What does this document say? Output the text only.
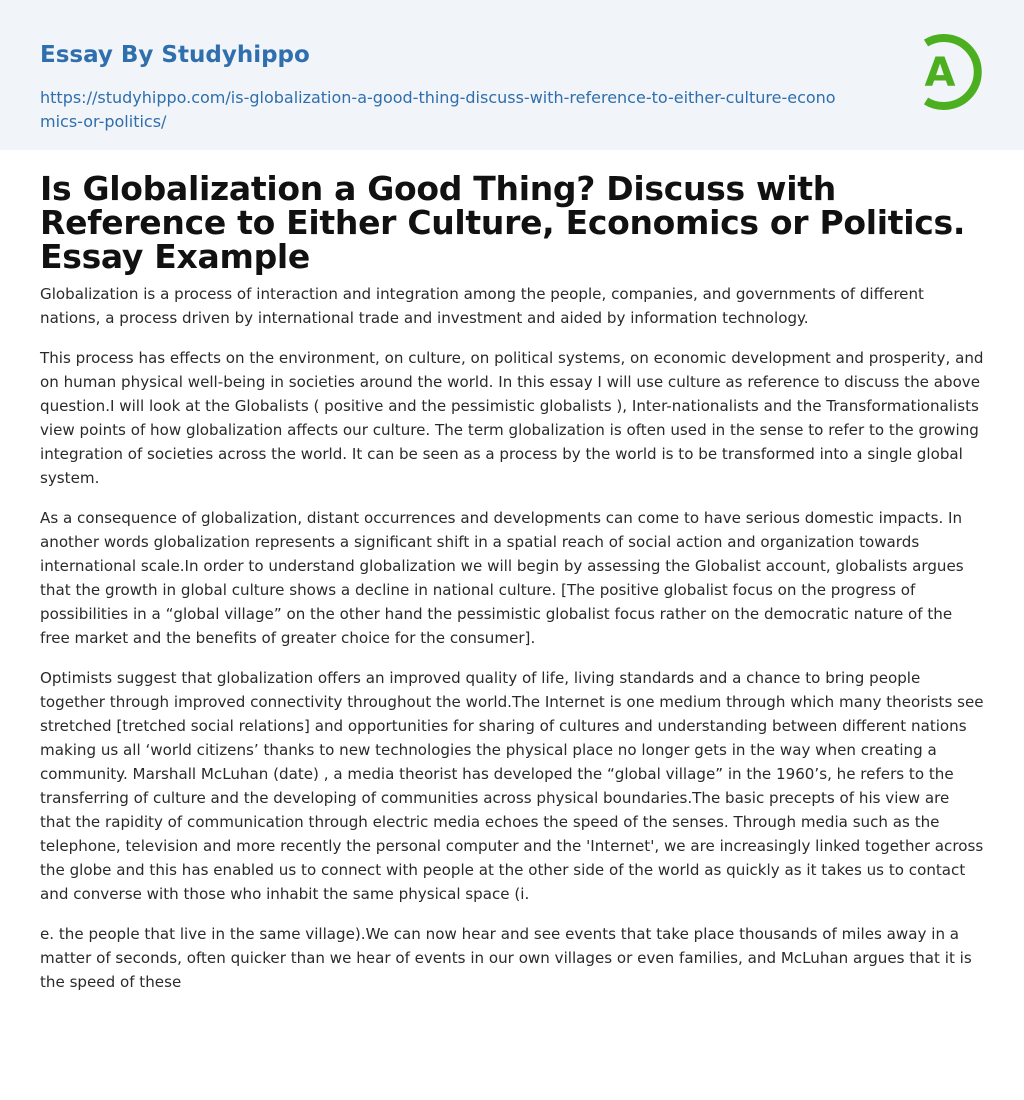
Essay By Studyhippo
https://studyhippo.com/is-globalization-a-good-thing-discuss-with-reference-to-either-culture-economics-or-politics/
A
Is Globalization a Good Thing? Discuss with Reference to Either Culture, Economics or Politics. Essay Example

Globalization is a process of interaction and integration among the people, companies, and governments of different nations, a process driven by international trade and investment and aided by information technology.

This process has effects on the environment, on culture, on political systems, on economic development and prosperity, and on human physical well-being in societies around the world. In this essay I will use culture as reference to discuss the above question.I will look at the Globalists ( positive and the pessimistic globalists ), Inter-nationalists and the Transformationalists view points of how globalization affects our culture. The term globalization is often used in the sense to refer to the growing integration of societies across the world. It can be seen as a process by the world is to be transformed into a single global system.

As a consequence of globalization, distant occurrences and developments can come to have serious domestic impacts. In another words globalization represents a significant shift in a spatial reach of social action and organization towards international scale.In order to understand globalization we will begin by assessing the Globalist account, globalists argues that the growth in global culture shows a decline in national culture. [The positive globalist focus on the progress of possibilities in a “global village” on the other hand the pessimistic globalist focus rather on the democratic nature of the free market and the benefits of greater choice for the consumer].

Optimists suggest that globalization offers an improved quality of life, living standards and a chance to bring people together through improved connectivity throughout the world.The Internet is one medium through which many theorists see stretched [tretched social relations] and opportunities for sharing of cultures and understanding between different nations making us all ‘world citizens’ thanks to new technologies the physical place no longer gets in the way when creating a community. Marshall McLuhan (date) , a media theorist has developed the “global village” in the 1960’s, he refers to the transferring of culture and the developing of communities across physical boundaries.The basic precepts of his view are that the rapidity of communication through electric media echoes the speed of the senses. Through media such as the telephone, television and more recently the personal computer and the 'Internet', we are increasingly linked together across the globe and this has enabled us to connect with people at the other side of the world as quickly as it takes us to contact and converse with those who inhabit the same physical space (i.

e. the people that live in the same village).We can now hear and see events that take place thousands of miles away in a matter of seconds, often quicker than we hear of events in our own villages or even families, and McLuhan argues that it is the speed of these
